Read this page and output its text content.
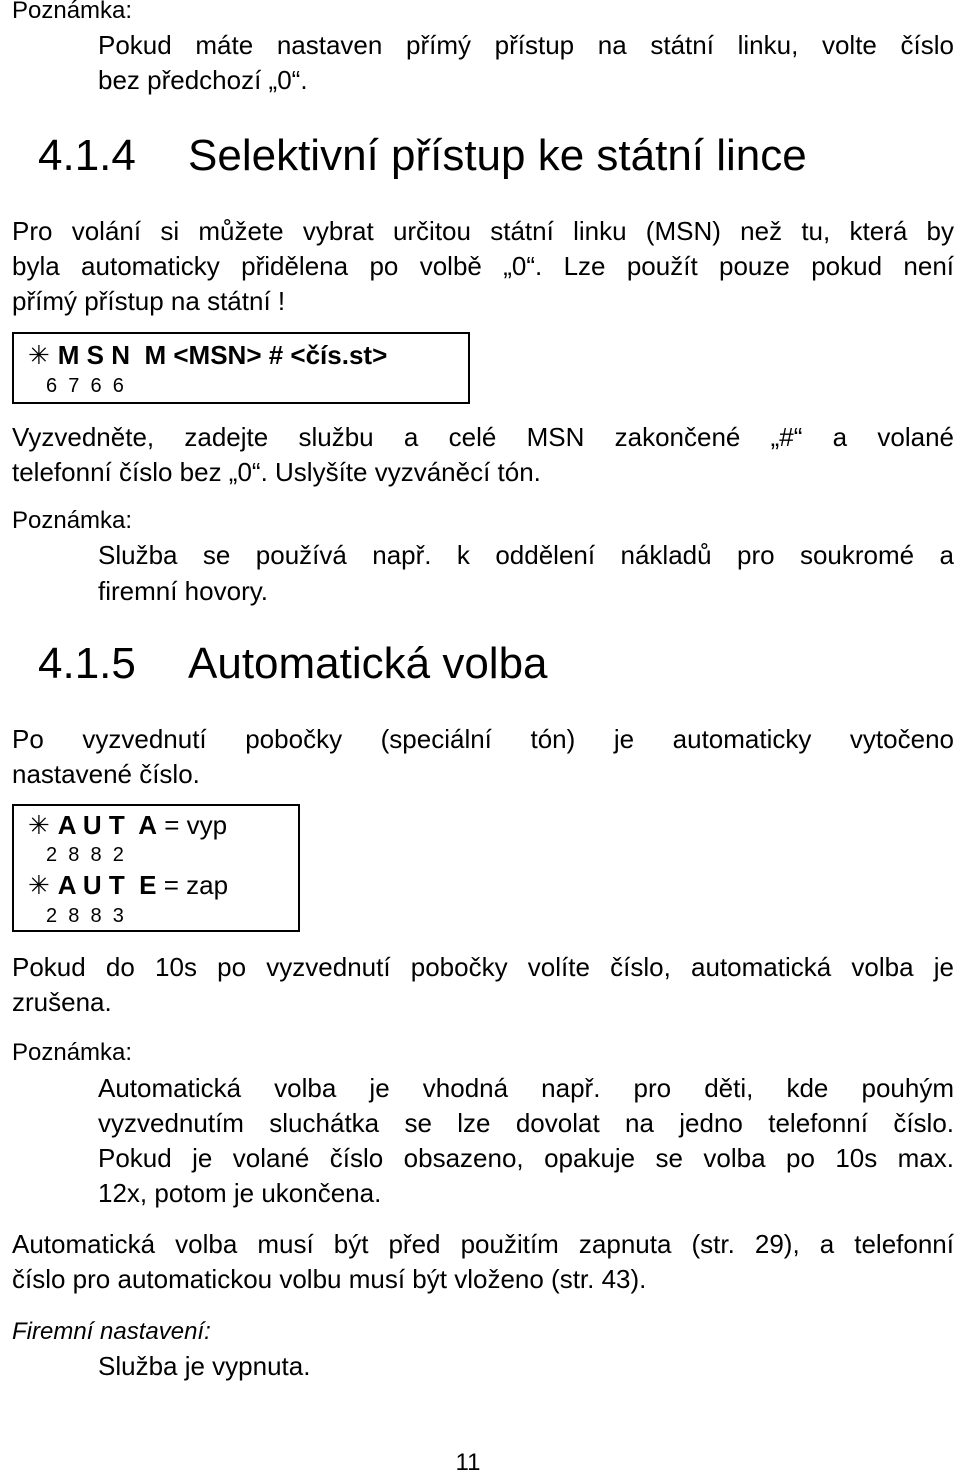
Poznámka:
Pokud máte nastaven přímý přístup na státní linku, volte číslo
bez předchozí „0“.
4.1.4 Selektivní přístup ke státní lince
Pro volání si můžete vybrat určitou státní linku (MSN) než tu, která by
byla automaticky přidělena po volbě „0“. Lze použít pouze pokud není
přímý přístup na státní !
✳ M S N  M <MSN> # <čís.st>
6  7  6  6
Vyzvedněte, zadejte službu a celé MSN zakončené „#“ a volané
telefonní číslo bez „0“. Uslyšíte vyzváněcí tón.
Poznámka:
Služba se používá např. k oddělení nákladů pro soukromé a
firemní hovory.
4.1.5 Automatická volba
Po vyzvednutí pobočky (speciální tón) je automaticky vytočeno
nastavené číslo.
✳ A U T  A = vyp
2  8  8  2
✳ A U T  E = zap
2  8  8  3
Pokud do 10s po vyzvednutí pobočky volíte číslo, automatická volba je
zrušena.
Poznámka:
Automatická volba je vhodná např. pro děti, kde pouhým
vyzvednutím sluchátka se lze dovolat na jedno telefonní číslo.
Pokud je volané číslo obsazeno, opakuje se volba po 10s max.
12x, potom je ukončena.
Automatická volba musí být před použitím zapnuta (str. 29), a telefonní
číslo pro automatickou volbu musí být vloženo (str. 43).
Firemní nastavení:
Služba je vypnuta.
11
